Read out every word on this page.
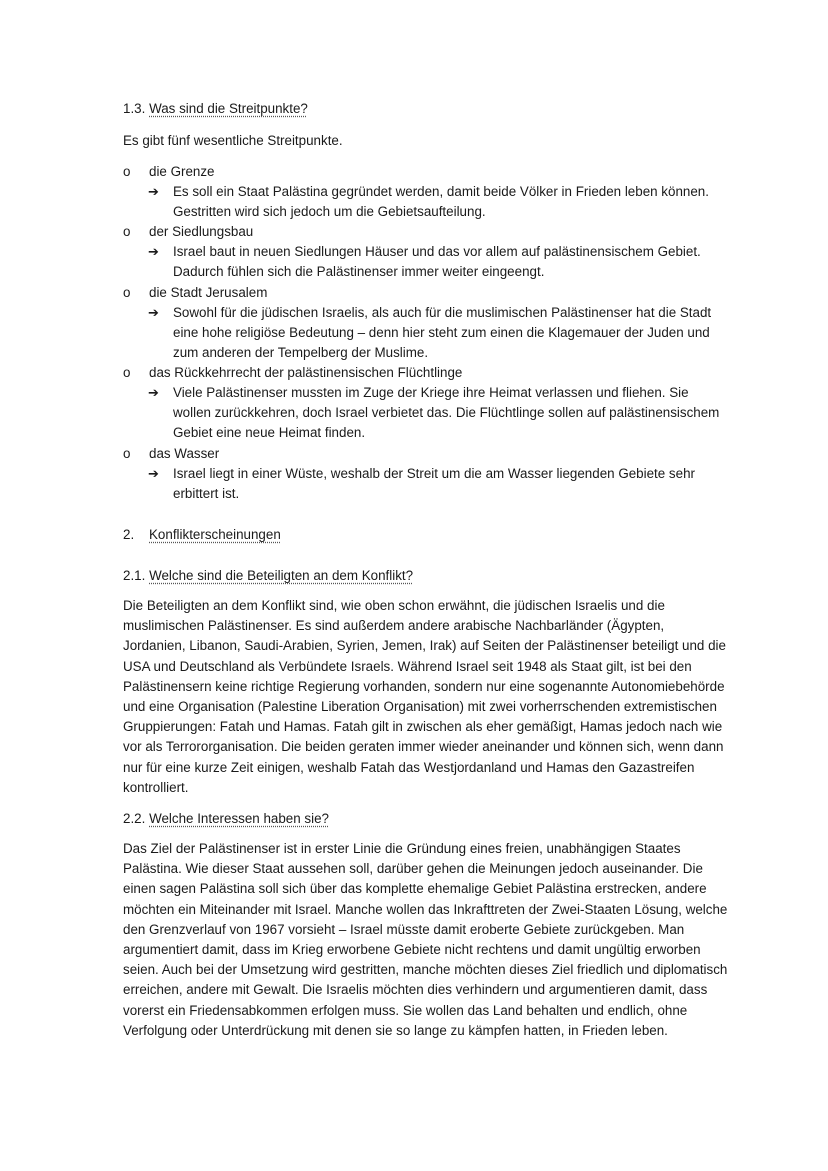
1.3. Was sind die Streitpunkte?
Es gibt fünf wesentliche Streitpunkte.
o die Grenze
➔ Es soll ein Staat Palästina gegründet werden, damit beide Völker in Frieden leben können. Gestritten wird sich jedoch um die Gebietsaufteilung.
o der Siedlungsbau
➔ Israel baut in neuen Siedlungen Häuser und das vor allem auf palästinensischem Gebiet. Dadurch fühlen sich die Palästinenser immer weiter eingeengt.
o die Stadt Jerusalem
➔ Sowohl für die jüdischen Israelis, als auch für die muslimischen Palästinenser hat die Stadt eine hohe religiöse Bedeutung – denn hier steht zum einen die Klagemauer der Juden und zum anderen der Tempelberg der Muslime.
o das Rückkehrrecht der palästinensischen Flüchtlinge
➔ Viele Palästinenser mussten im Zuge der Kriege ihre Heimat verlassen und fliehen. Sie wollen zurückkehren, doch Israel verbietet das. Die Flüchtlinge sollen auf palästinensischem Gebiet eine neue Heimat finden.
o das Wasser
➔ Israel liegt in einer Wüste, weshalb der Streit um die am Wasser liegenden Gebiete sehr erbittert ist.
2. Konflikterscheinungen
2.1. Welche sind die Beteiligten an dem Konflikt?
Die Beteiligten an dem Konflikt sind, wie oben schon erwähnt, die jüdischen Israelis und die muslimischen Palästinenser. Es sind außerdem andere arabische Nachbarländer (Ägypten, Jordanien, Libanon, Saudi-Arabien, Syrien, Jemen, Irak) auf Seiten der Palästinenser beteiligt und die USA und Deutschland als Verbündete Israels. Während Israel seit 1948 als Staat gilt, ist bei den Palästinensern keine richtige Regierung vorhanden, sondern nur eine sogenannte Autonomiebehörde und eine Organisation (Palestine Liberation Organisation) mit zwei vorherrschenden extremistischen Gruppierungen: Fatah und Hamas. Fatah gilt in zwischen als eher gemäßigt, Hamas jedoch nach wie vor als Terrororganisation. Die beiden geraten immer wieder aneinander und können sich, wenn dann nur für eine kurze Zeit einigen, weshalb Fatah das Westjordanland und Hamas den Gazastreifen kontrolliert.
2.2. Welche Interessen haben sie?
Das Ziel der Palästinenser ist in erster Linie die Gründung eines freien, unabhängigen Staates Palästina. Wie dieser Staat aussehen soll, darüber gehen die Meinungen jedoch auseinander. Die einen sagen Palästina soll sich über das komplette ehemalige Gebiet Palästina erstrecken, andere möchten ein Miteinander mit Israel. Manche wollen das Inkrafttreten der Zwei-Staaten Lösung, welche den Grenzverlauf von 1967 vorsieht – Israel müsste damit eroberte Gebiete zurückgeben. Man argumentiert damit, dass im Krieg erworbene Gebiete nicht rechtens und damit ungültig erworben seien. Auch bei der Umsetzung wird gestritten, manche möchten dieses Ziel friedlich und diplomatisch erreichen, andere mit Gewalt. Die Israelis möchten dies verhindern und argumentieren damit, dass vorerst ein Friedensabkommen erfolgen muss. Sie wollen das Land behalten und endlich, ohne Verfolgung oder Unterdrückung mit denen sie so lange zu kämpfen hatten, in Frieden leben.
